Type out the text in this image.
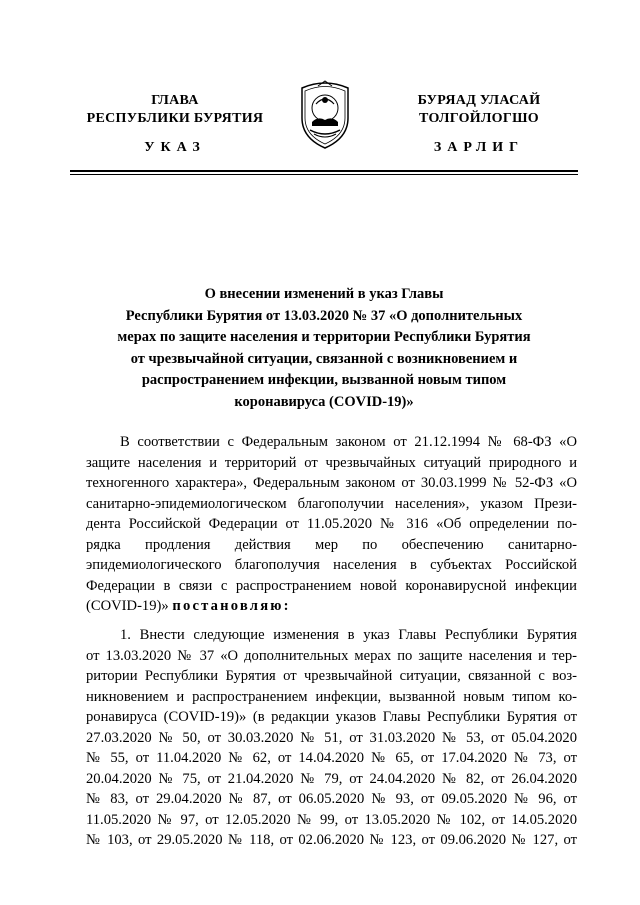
ГЛАВА
РЕСПУБЛИКИ БУРЯТИЯ
БУРЯАД УЛАСАЙ
ТОЛГОЙЛОГШО
УКАЗ	ЗАРЛИГ
О внесении изменений в указ Главы
Республики Бурятия от 13.03.2020 № 37 «О дополнительных
мерах по защите населения и территории Республики Бурятия
от чрезвычайной ситуации, связанной с возникновением и
распространением инфекции, вызванной новым типом
коронавируса (COVID-19)»
В соответствии с Федеральным законом от 21.12.1994 № 68-ФЗ «О
защите населения и территорий от чрезвычайных ситуаций природного и
техногенного характера», Федеральным законом от 30.03.1999 № 52-ФЗ «О
санитарно-эпидемиологическом благополучии населения», указом Прези-
дента Российской Федерации от 11.05.2020 № 316 «Об определении по-
рядка продления действия мер по обеспечению санитарно-
эпидемиологического благополучия населения в субъектах Российской
Федерации в связи с распространением новой коронавирусной инфекции
(COVID-19)» постановляю:
1. Внести следующие изменения в указ Главы Республики Бурятия
от 13.03.2020 № 37 «О дополнительных мерах по защите населения и тер-
ритории Республики Бурятия от чрезвычайной ситуации, связанной с воз-
никновением и распространением инфекции, вызванной новым типом ко-
ронавируса (COVID-19)» (в редакции указов Главы Республики Бурятия от
27.03.2020 № 50, от 30.03.2020 № 51, от 31.03.2020 № 53, от 05.04.2020
№ 55, от 11.04.2020 № 62, от 14.04.2020 № 65, от 17.04.2020 № 73, от
20.04.2020 № 75, от 21.04.2020 № 79, от 24.04.2020 № 82, от 26.04.2020
№ 83, от 29.04.2020 № 87, от 06.05.2020 № 93, от 09.05.2020 № 96, от
11.05.2020 № 97, от 12.05.2020 № 99, от 13.05.2020 № 102, от 14.05.2020
№ 103, от 29.05.2020 № 118, от 02.06.2020 № 123, от 09.06.2020 № 127, от
